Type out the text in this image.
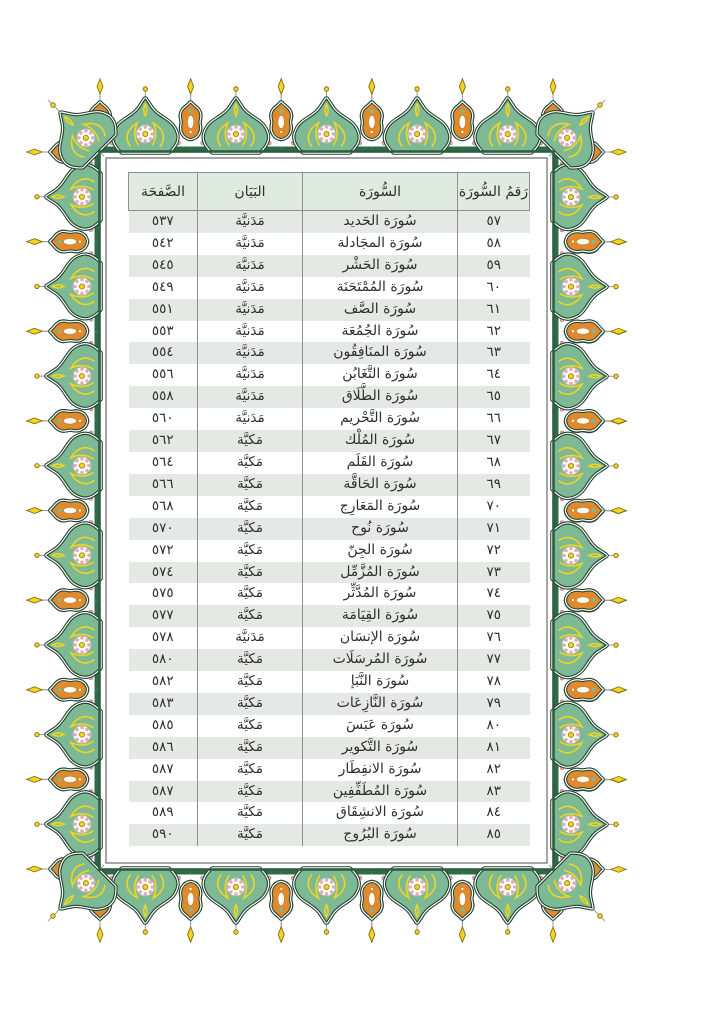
رَقمُ السُّورَة	السُّورَة	البَيَان	الصَّفحَة
٥٧	سُورَة الحَديد	مَدَنيَّة	٥٣٧
٥٨	سُورَة المجَادلة	مَدَنيَّة	٥٤٢
٥٩	سُورَة الحَشْر	مَدَنيَّة	٥٤٥
٦٠	سُورَة المُمْتَحَنَة	مَدَنيَّة	٥٤٩
٦١	سُورَة الصَّف	مَدَنيَّة	٥٥١
٦٢	سُورَة الجُمُعَة	مَدَنيَّة	٥٥٣
٦٣	سُورَة المنَافِقُون	مَدَنيَّة	٥٥٤
٦٤	سُورَة التَّغَابُن	مَدَنيَّة	٥٥٦
٦٥	سُورَة الطَّلَاق	مَدَنيَّة	٥٥٨
٦٦	سُورَة التَّحْريم	مَدَنيَّة	٥٦٠
٦٧	سُورَة المُلْك	مَكيَّة	٥٦٢
٦٨	سُورَة القَلَم	مَكيَّة	٥٦٤
٦٩	سُورَة الحَاقَّة	مَكيَّة	٥٦٦
٧٠	سُورَة المَعَارِج	مَكيَّة	٥٦٨
٧١	سُورَة نُوح	مَكيَّة	٥٧٠
٧٢	سُورَة الجِنّ	مَكيَّة	٥٧٢
٧٣	سُورَة المُزَّمِّل	مَكيَّة	٥٧٤
٧٤	سُورَة المُدَّثِّر	مَكيَّة	٥٧٥
٧٥	سُورَة القِيَامَة	مَكيَّة	٥٧٧
٧٦	سُورَة الإنسَان	مَدَنيَّة	٥٧٨
٧٧	سُورَة المُرسَلَات	مَكيَّة	٥٨٠
٧٨	سُورَة النَّبَإ	مَكيَّة	٥٨٢
٧٩	سُورَة النَّازِعَات	مَكيَّة	٥٨٣
٨٠	سُورَة عَبَسَ	مَكيَّة	٥٨٥
٨١	سُورَة التَّكوير	مَكيَّة	٥٨٦
٨٢	سُورَة الانفِطَار	مَكيَّة	٥٨٧
٨٣	سُورَة المُطَفِّفِين	مَكيَّة	٥٨٧
٨٤	سُورَة الانشِقَاق	مَكيَّة	٥٨٩
٨٥	سُورَة البُرُوج	مَكيَّة	٥٩٠
